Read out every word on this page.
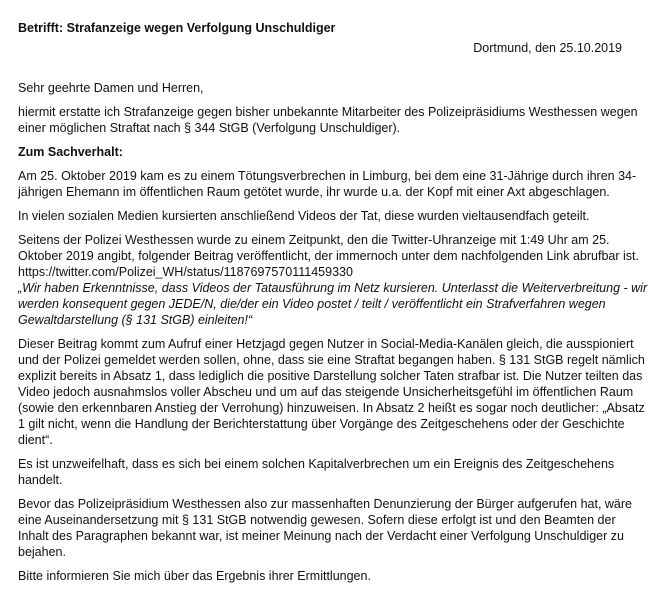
Betrifft: Strafanzeige wegen Verfolgung Unschuldiger

Dortmund, den 25.10.2019

Sehr geehrte Damen und Herren,

hiermit erstatte ich Strafanzeige gegen bisher unbekannte Mitarbeiter des Polizeipräsidiums Westhessen wegen einer möglichen Straftat nach § 344 StGB (Verfolgung Unschuldiger).

Zum Sachverhalt:

Am 25. Oktober 2019 kam es zu einem Tötungsverbrechen in Limburg, bei dem eine 31-Jährige durch ihren 34-jährigen Ehemann im öffentlichen Raum getötet wurde, ihr wurde u.a. der Kopf mit einer Axt abgeschlagen.

In vielen sozialen Medien kursierten anschließend Videos der Tat, diese wurden vieltausendfach geteilt.

Seitens der Polizei Westhessen wurde zu einem Zeitpunkt, den die Twitter-Uhranzeige mit 1:49 Uhr am 25. Oktober 2019 angibt, folgender Beitrag veröffentlicht, der immernoch unter dem nachfolgenden Link abrufbar ist.

https://twitter.com/Polizei_WH/status/1187697570111459330

„Wir haben Erkenntnisse, dass Videos der Tatausführung im Netz kursieren. Unterlasst die Weiterverbreitung - wir werden konsequent gegen JEDE/N, die/der ein Video postet / teilt / veröffentlicht ein Strafverfahren wegen Gewaltdarstellung (§ 131 StGB) einleiten!“

Dieser Beitrag kommt zum Aufruf einer Hetzjagd gegen Nutzer in Social-Media-Kanälen gleich, die ausspioniert und der Polizei gemeldet werden sollen, ohne, dass sie eine Straftat begangen haben. § 131 StGB regelt nämlich explizit bereits in Absatz 1, dass lediglich die positive Darstellung solcher Taten strafbar ist. Die Nutzer teilten das Video jedoch ausnahmslos voller Abscheu und um auf das steigende Unsicherheitsgefühl im öffentlichen Raum (sowie den erkennbaren Anstieg der Verrohung) hinzuweisen. In Absatz 2 heißt es sogar noch deutlicher: „Absatz 1 gilt nicht, wenn die Handlung der Berichterstattung über Vorgänge des Zeitgeschehens oder der Geschichte dient“.

Es ist unzweifelhaft, dass es sich bei einem solchen Kapitalverbrechen um ein Ereignis des Zeitgeschehens handelt.

Bevor das Polizeipräsidium Westhessen also zur massenhaften Denunzierung der Bürger aufgerufen hat, wäre eine Auseinandersetzung mit § 131 StGB notwendig gewesen. Sofern diese erfolgt ist und den Beamten der Inhalt des Paragraphen bekannt war, ist meiner Meinung nach der Verdacht einer Verfolgung Unschuldiger zu bejahen.

Bitte informieren Sie mich über das Ergebnis ihrer Ermittlungen.
